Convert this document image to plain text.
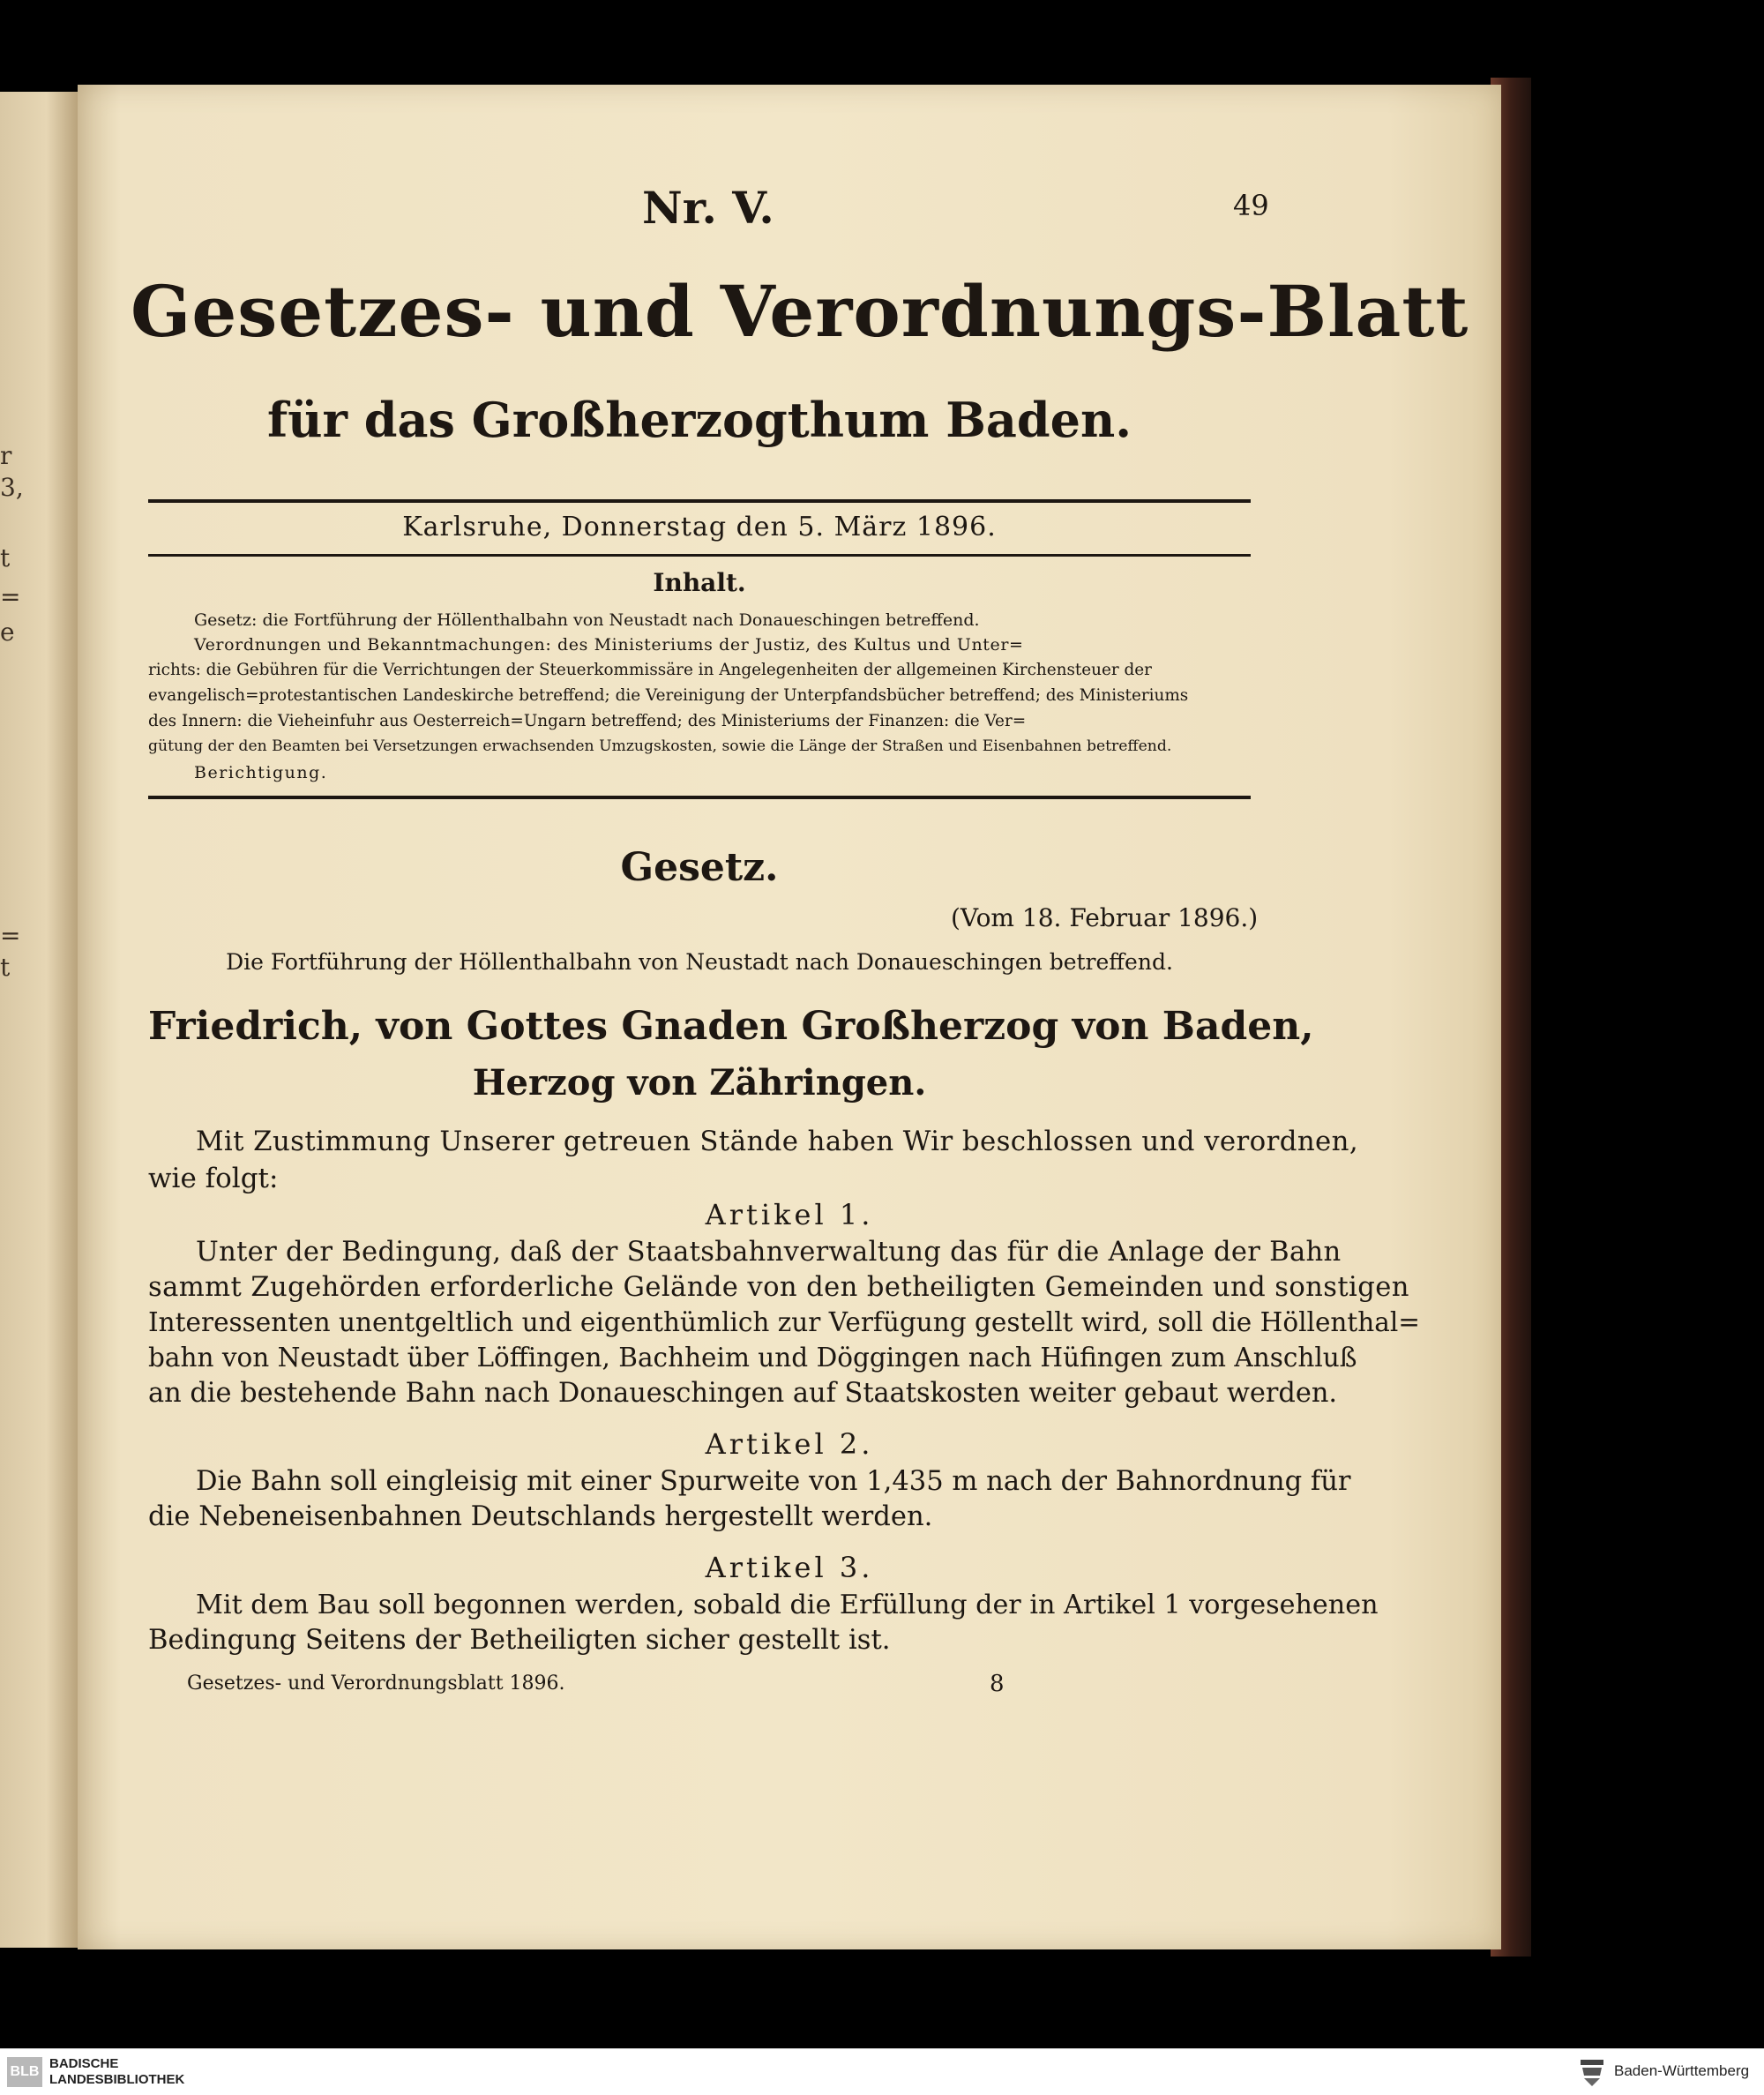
r
3,
t
=
e
=
t
Nr. V.	49
Gesetzes- und Verordnungs-Blatt
für das Großherzogthum Baden.
Karlsruhe, Donnerstag den 5. März 1896.
Inhalt.
Gesetz: die Fortführung der Höllenthalbahn von Neustadt nach Donaueschingen betreffend.
Verordnungen und Bekanntmachungen: des Ministeriums der Justiz, des Kultus und Unter=
richts: die Gebühren für die Verrichtungen der Steuerkommissäre in Angelegenheiten der allgemeinen Kirchensteuer der
evangelisch=protestantischen Landeskirche betreffend; die Vereinigung der Unterpfandsbücher betreffend; des Ministeriums
des Innern: die Vieheinfuhr aus Oesterreich=Ungarn betreffend; des Ministeriums der Finanzen: die Ver=
gütung der den Beamten bei Versetzungen erwachsenden Umzugskosten, sowie die Länge der Straßen und Eisenbahnen betreffend.
Berichtigung.
Gesetz.
(Vom 18. Februar 1896.)
Die Fortführung der Höllenthalbahn von Neustadt nach Donaueschingen betreffend.
Friedrich, von Gottes Gnaden Großherzog von Baden,
Herzog von Zähringen.
Mit Zustimmung Unserer getreuen Stände haben Wir beschlossen und verordnen,
wie folgt:
Artikel 1.
Unter der Bedingung, daß der Staatsbahnverwaltung das für die Anlage der Bahn
sammt Zugehörden erforderliche Gelände von den betheiligten Gemeinden und sonstigen
Interessenten unentgeltlich und eigenthümlich zur Verfügung gestellt wird, soll die Höllenthal=
bahn von Neustadt über Löffingen, Bachheim und Döggingen nach Hüfingen zum Anschluß
an die bestehende Bahn nach Donaueschingen auf Staatskosten weiter gebaut werden.
Artikel 2.
Die Bahn soll eingleisig mit einer Spurweite von 1,435 m nach der Bahnordnung für
die Nebeneisenbahnen Deutschlands hergestellt werden.
Artikel 3.
Mit dem Bau soll begonnen werden, sobald die Erfüllung der in Artikel 1 vorgesehenen
Bedingung Seitens der Betheiligten sicher gestellt ist.
Gesetzes- und Verordnungsblatt 1896.	8
BLB
BADISCHE
LANDESBIBLIOTHEK
Baden-Württemberg
